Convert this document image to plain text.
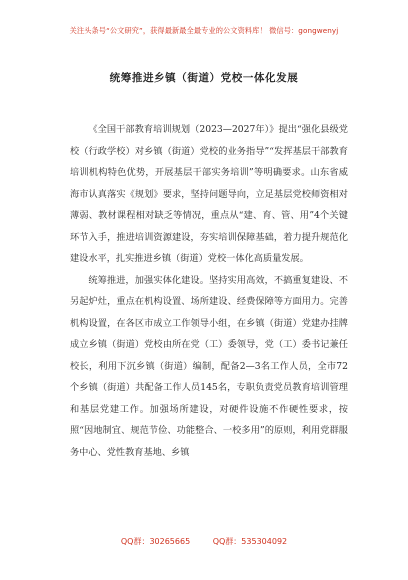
关注头条号“公文研究”，获得最新最全最专业的公文资料库！ 微信号：gongwenyj
统筹推进乡镇（街道）党校一体化发展

《全国干部教育培训规划（2023—2027年）》提出“强化县级党校（行政学校）对乡镇（街道）党校的业务指导”“发挥基层干部教育培训机构特色优势，开展基层干部实务培训”等明确要求。山东省威海市认真落实《规划》要求，坚持问题导向，立足基层党校师资相对薄弱、教材课程相对缺乏等情况，重点从“建、育、管、用”4个关键环节入手，推进培训资源建设，夯实培训保障基础，着力提升规范化建设水平，扎实推进乡镇（街道）党校一体化高质量发展。

统筹推进，加强实体化建设。坚持实用高效，不搞重复建设、不另起炉灶，重点在机构设置、场所建设、经费保障等方面用力。完善机构设置，在各区市成立工作领导小组，在乡镇（街道）党建办挂牌成立乡镇（街道）党校由所在党（工）委领导，党（工）委书记兼任校长，利用下沉乡镇（街道）编制，配备2—3名工作人员，全市72个乡镇（街道）共配备工作人员145名，专职负责党员教育培训管理和基层党建工作。加强场所建设，对硬件设施不作硬性要求，按照“因地制宜、规范节俭、功能整合、一校多用”的原则，利用党群服务中心、党性教育基地、乡镇

QQ群：30265665	QQ群：535304092
